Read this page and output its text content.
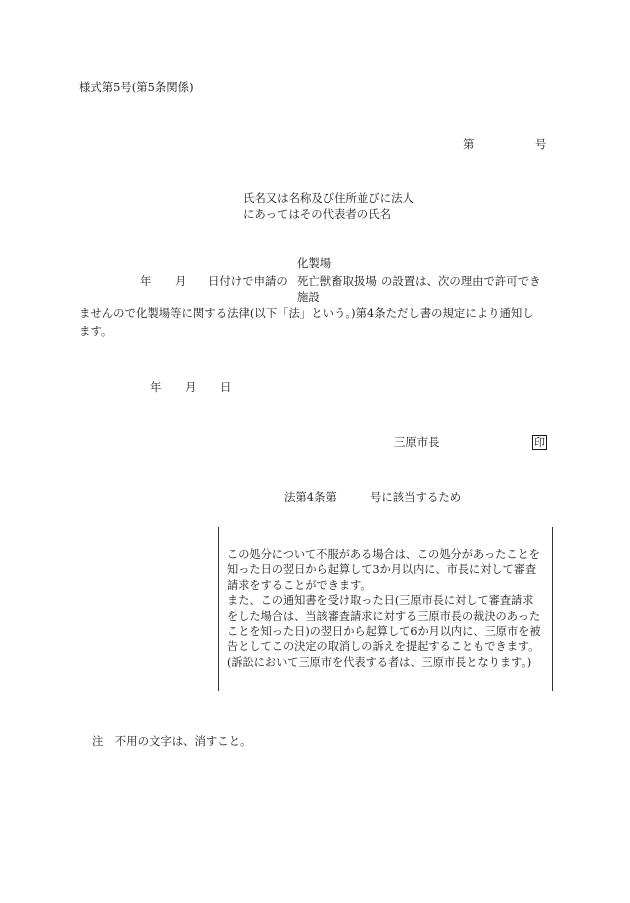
様式第5号(第5条関係)
第	号
氏名又は名称及び住所並びに法人
にあってはその代表者の氏名
化製場
年 月 日付けで申請の 死亡獣畜取扱場 の設置は、次の理由で許可でき
施設
ませんので化製場等に関する法律(以下「法」という。)第4条ただし書の規定により通知し
ます。
年 月 日
三原市長	印
法第4条第	号に該当するため
この処分について不服がある場合は、この処分があったことを
知った日の翌日から起算して3か月以内に、市長に対して審査
請求をすることができます。
また、この通知書を受け取った日(三原市長に対して審査請求
をした場合は、当該審査請求に対する三原市長の裁決のあった
ことを知った日)の翌日から起算して6か月以内に、三原市を被
告としてこの決定の取消しの訴えを提起することもできます。
(訴訟において三原市を代表する者は、三原市長となります。)
注　不用の文字は、消すこと。
